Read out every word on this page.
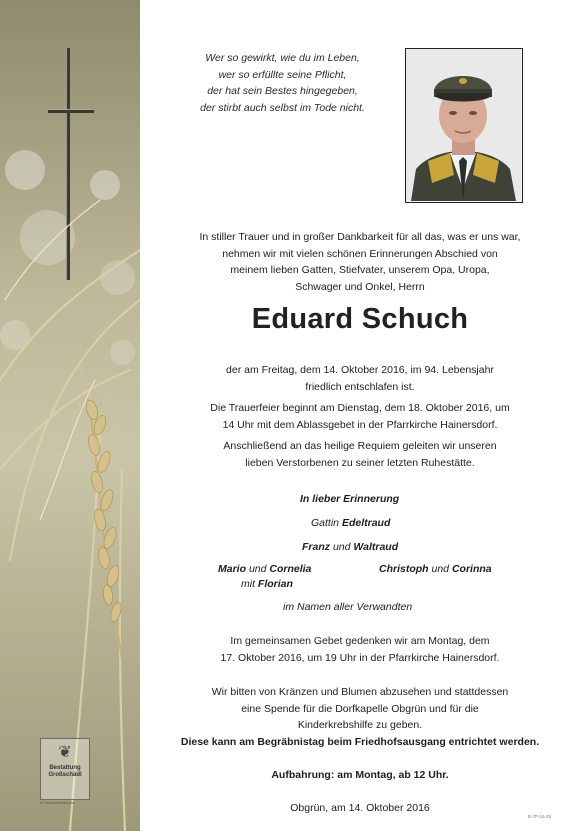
❦
Bestattung
Großschädl
8 Fürstenfeldstraße
Wer so gewirkt, wie du im Leben,
wer so erfüllte seine Pflicht,
der hat sein Bestes hingegeben,
der stirbt auch selbst im Tode nicht.
In stiller Trauer und in großer Dankbarkeit für all das, was er uns war,
nehmen wir mit vielen schönen Erinnerungen Abschied von
meinem lieben Gatten, Stiefvater, unserem Opa, Uropa,
Schwager und Onkel, Herrn
Eduard Schuch
der am Freitag, dem 14. Oktober 2016, im 94. Lebensjahr
friedlich entschlafen ist.
Die Trauerfeier beginnt am Dienstag, dem 18. Oktober 2016, um
14 Uhr mit dem Ablassgebet in der Pfarrkirche Hainersdorf.
Anschließend an das heilige Requiem geleiten wir unseren
lieben Verstorbenen zu seiner letzten Ruhestätte.
In lieber Erinnerung
Gattin Edeltraud
Franz und Waltraud
Mario und Cornelia
mit Florian
Christoph und Corinna
im Namen aller Verwandten
Im gemeinsamen Gebet gedenken wir am Montag, dem
17. Oktober 2016, um 19 Uhr in der Pfarrkirche Hainersdorf.
Wir bitten von Kränzen und Blumen abzusehen und stattdessen
eine Spende für die Dorfkapelle Obgrün und für die
Kinderkrebshilfe zu geben.
Diese kann am Begräbnistag beim Friedhofsausgang entrichtet werden.
Aufbahrung: am Montag, ab 12 Uhr.
Obgrün, am 14. Oktober 2016
E-7P-16-29
